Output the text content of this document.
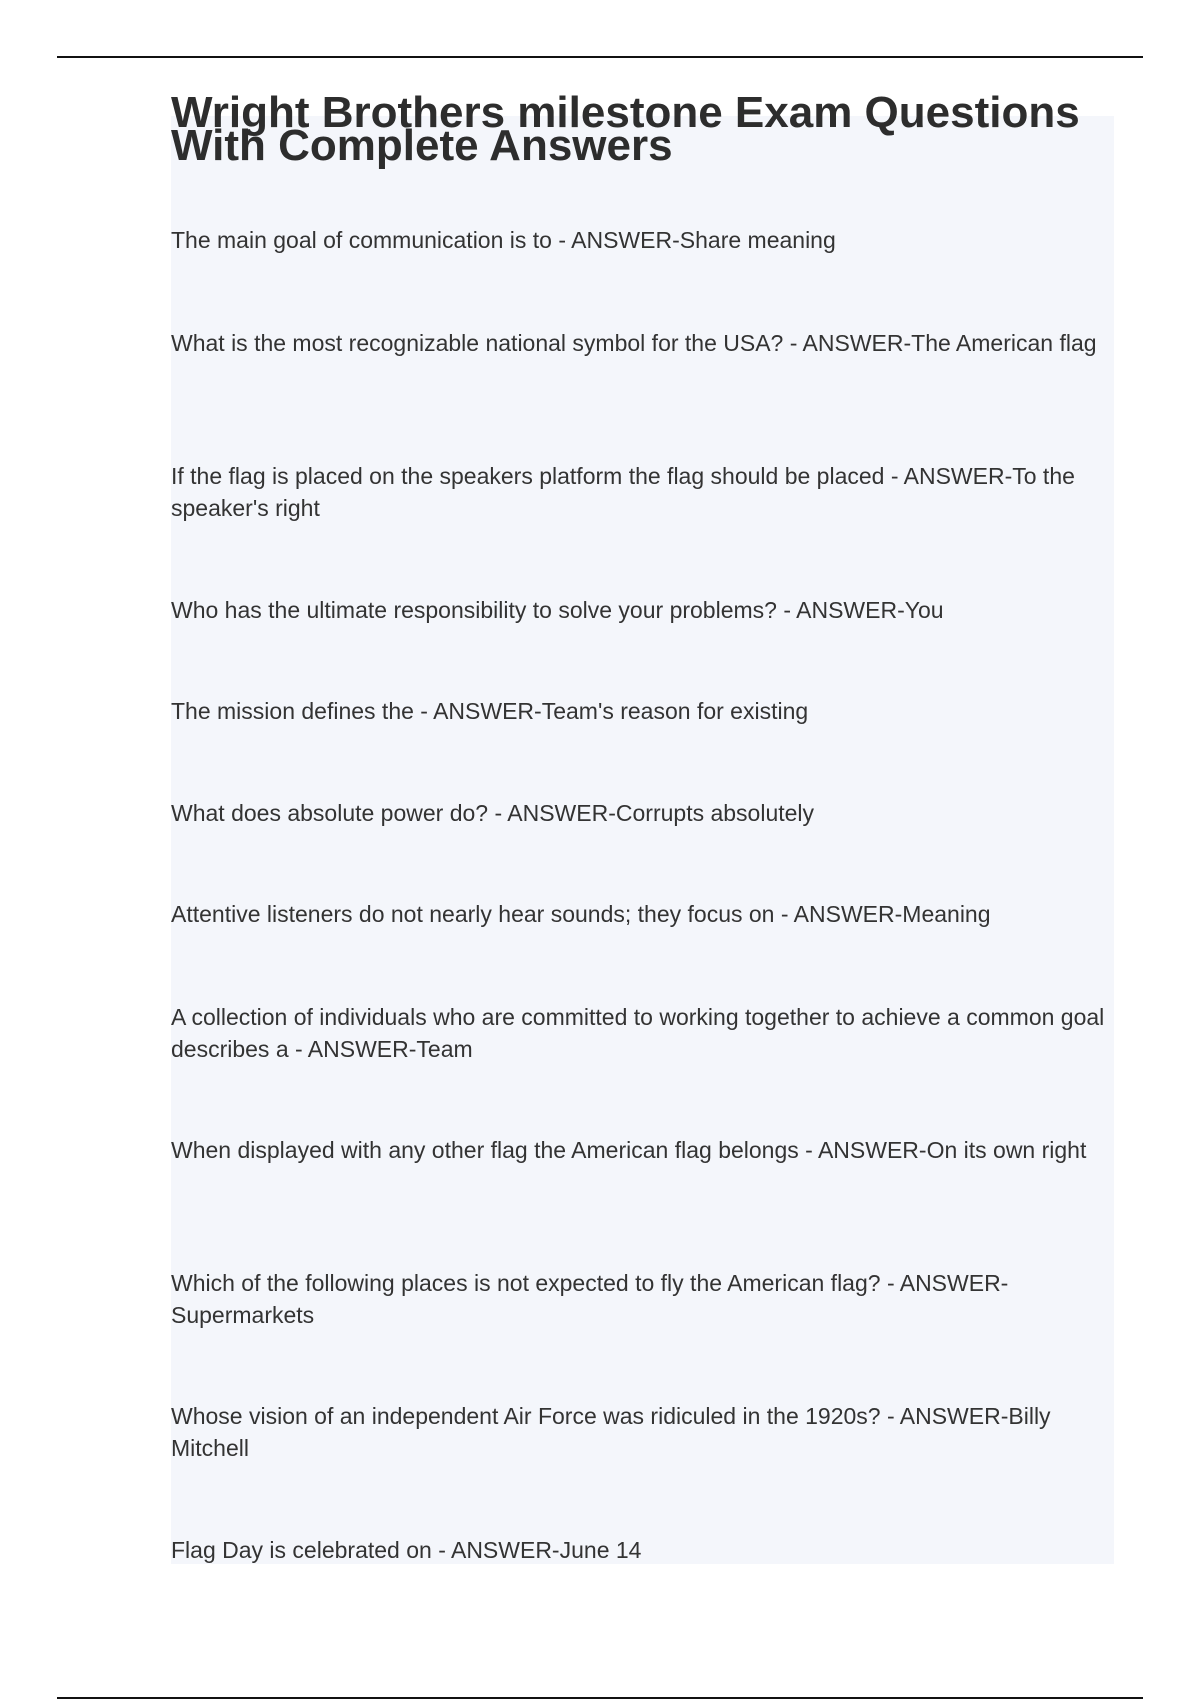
Wright Brothers milestone Exam Questions With Complete Answers

The main goal of communication is to - ANSWER-Share meaning

What is the most recognizable national symbol for the USA? - ANSWER-The American flag

If the flag is placed on the speakers platform the flag should be placed - ANSWER-To the speaker's right

Who has the ultimate responsibility to solve your problems? - ANSWER-You

The mission defines the - ANSWER-Team's reason for existing

What does absolute power do? - ANSWER-Corrupts absolutely

Attentive listeners do not nearly hear sounds; they focus on - ANSWER-Meaning

A collection of individuals who are committed to working together to achieve a common goal describes a - ANSWER-Team

When displayed with any other flag the American flag belongs - ANSWER-On its own right

Which of the following places is not expected to fly the American flag? - ANSWER-Supermarkets

Whose vision of an independent Air Force was ridiculed in the 1920s? - ANSWER-Billy Mitchell

Flag Day is celebrated on - ANSWER-June 14
